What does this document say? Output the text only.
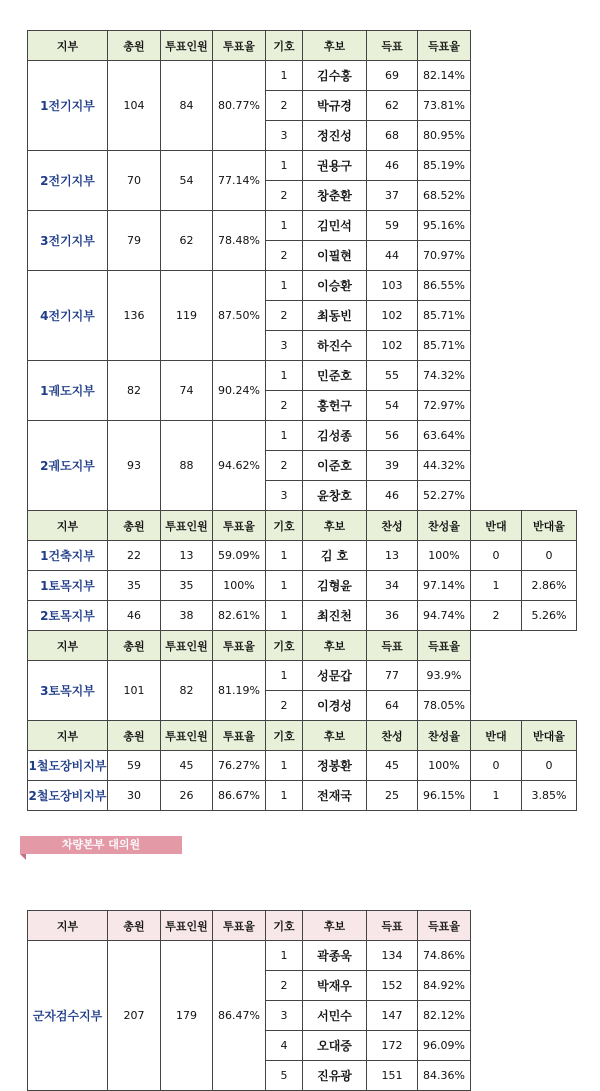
지부	총원	투표인원	투표율	기호	후보	득표	득표율		
1전기지부	104	84	80.77%	1	김수홍	69	82.14%		
				2	박규경	62	73.81%		
				3	정진성	68	80.95%		
2전기지부	70	54	77.14%	1	권용구	46	85.19%		
				2	창춘환	37	68.52%		
3전기지부	79	62	78.48%	1	김민석	59	95.16%		
				2	이필현	44	70.97%		
4전기지부	136	119	87.50%	1	이승환	103	86.55%		
				2	최동빈	102	85.71%		
				3	하진수	102	85.71%		
1궤도지부	82	74	90.24%	1	민준호	55	74.32%		
				2	홍헌구	54	72.97%		
2궤도지부	93	88	94.62%	1	김성종	56	63.64%		
				2	이준호	39	44.32%		
				3	윤창호	46	52.27%		
지부	총원	투표인원	투표율	기호	후보	찬성	찬성율	반대	반대율
1건축지부	22	13	59.09%	1	김 호	13	100%	0	0
1토목지부	35	35	100%	1	김형윤	34	97.14%	1	2.86%
2토목지부	46	38	82.61%	1	최진천	36	94.74%	2	5.26%
지부	총원	투표인원	투표율	기호	후보	득표	득표율		
3토목지부	101	82	81.19%	1	성문갑	77	93.9%		
				2	이경성	64	78.05%		
지부	총원	투표인원	투표율	기호	후보	찬성	찬성율	반대	반대율
1철도장비지부	59	45	76.27%	1	정봉환	45	100%	0	0
2철도장비지부	30	26	86.67%	1	전재국	25	96.15%	1	3.85%
차량본부 대의원
지부	총원	투표인원	투표율	기호	후보	득표	득표율
군자검수지부	207	179	86.47%	1	곽종욱	134	74.86%
				2	박재우	152	84.92%
				3	서민수	147	82.12%
				4	오대중	172	96.09%
				5	진유광	151	84.36%
